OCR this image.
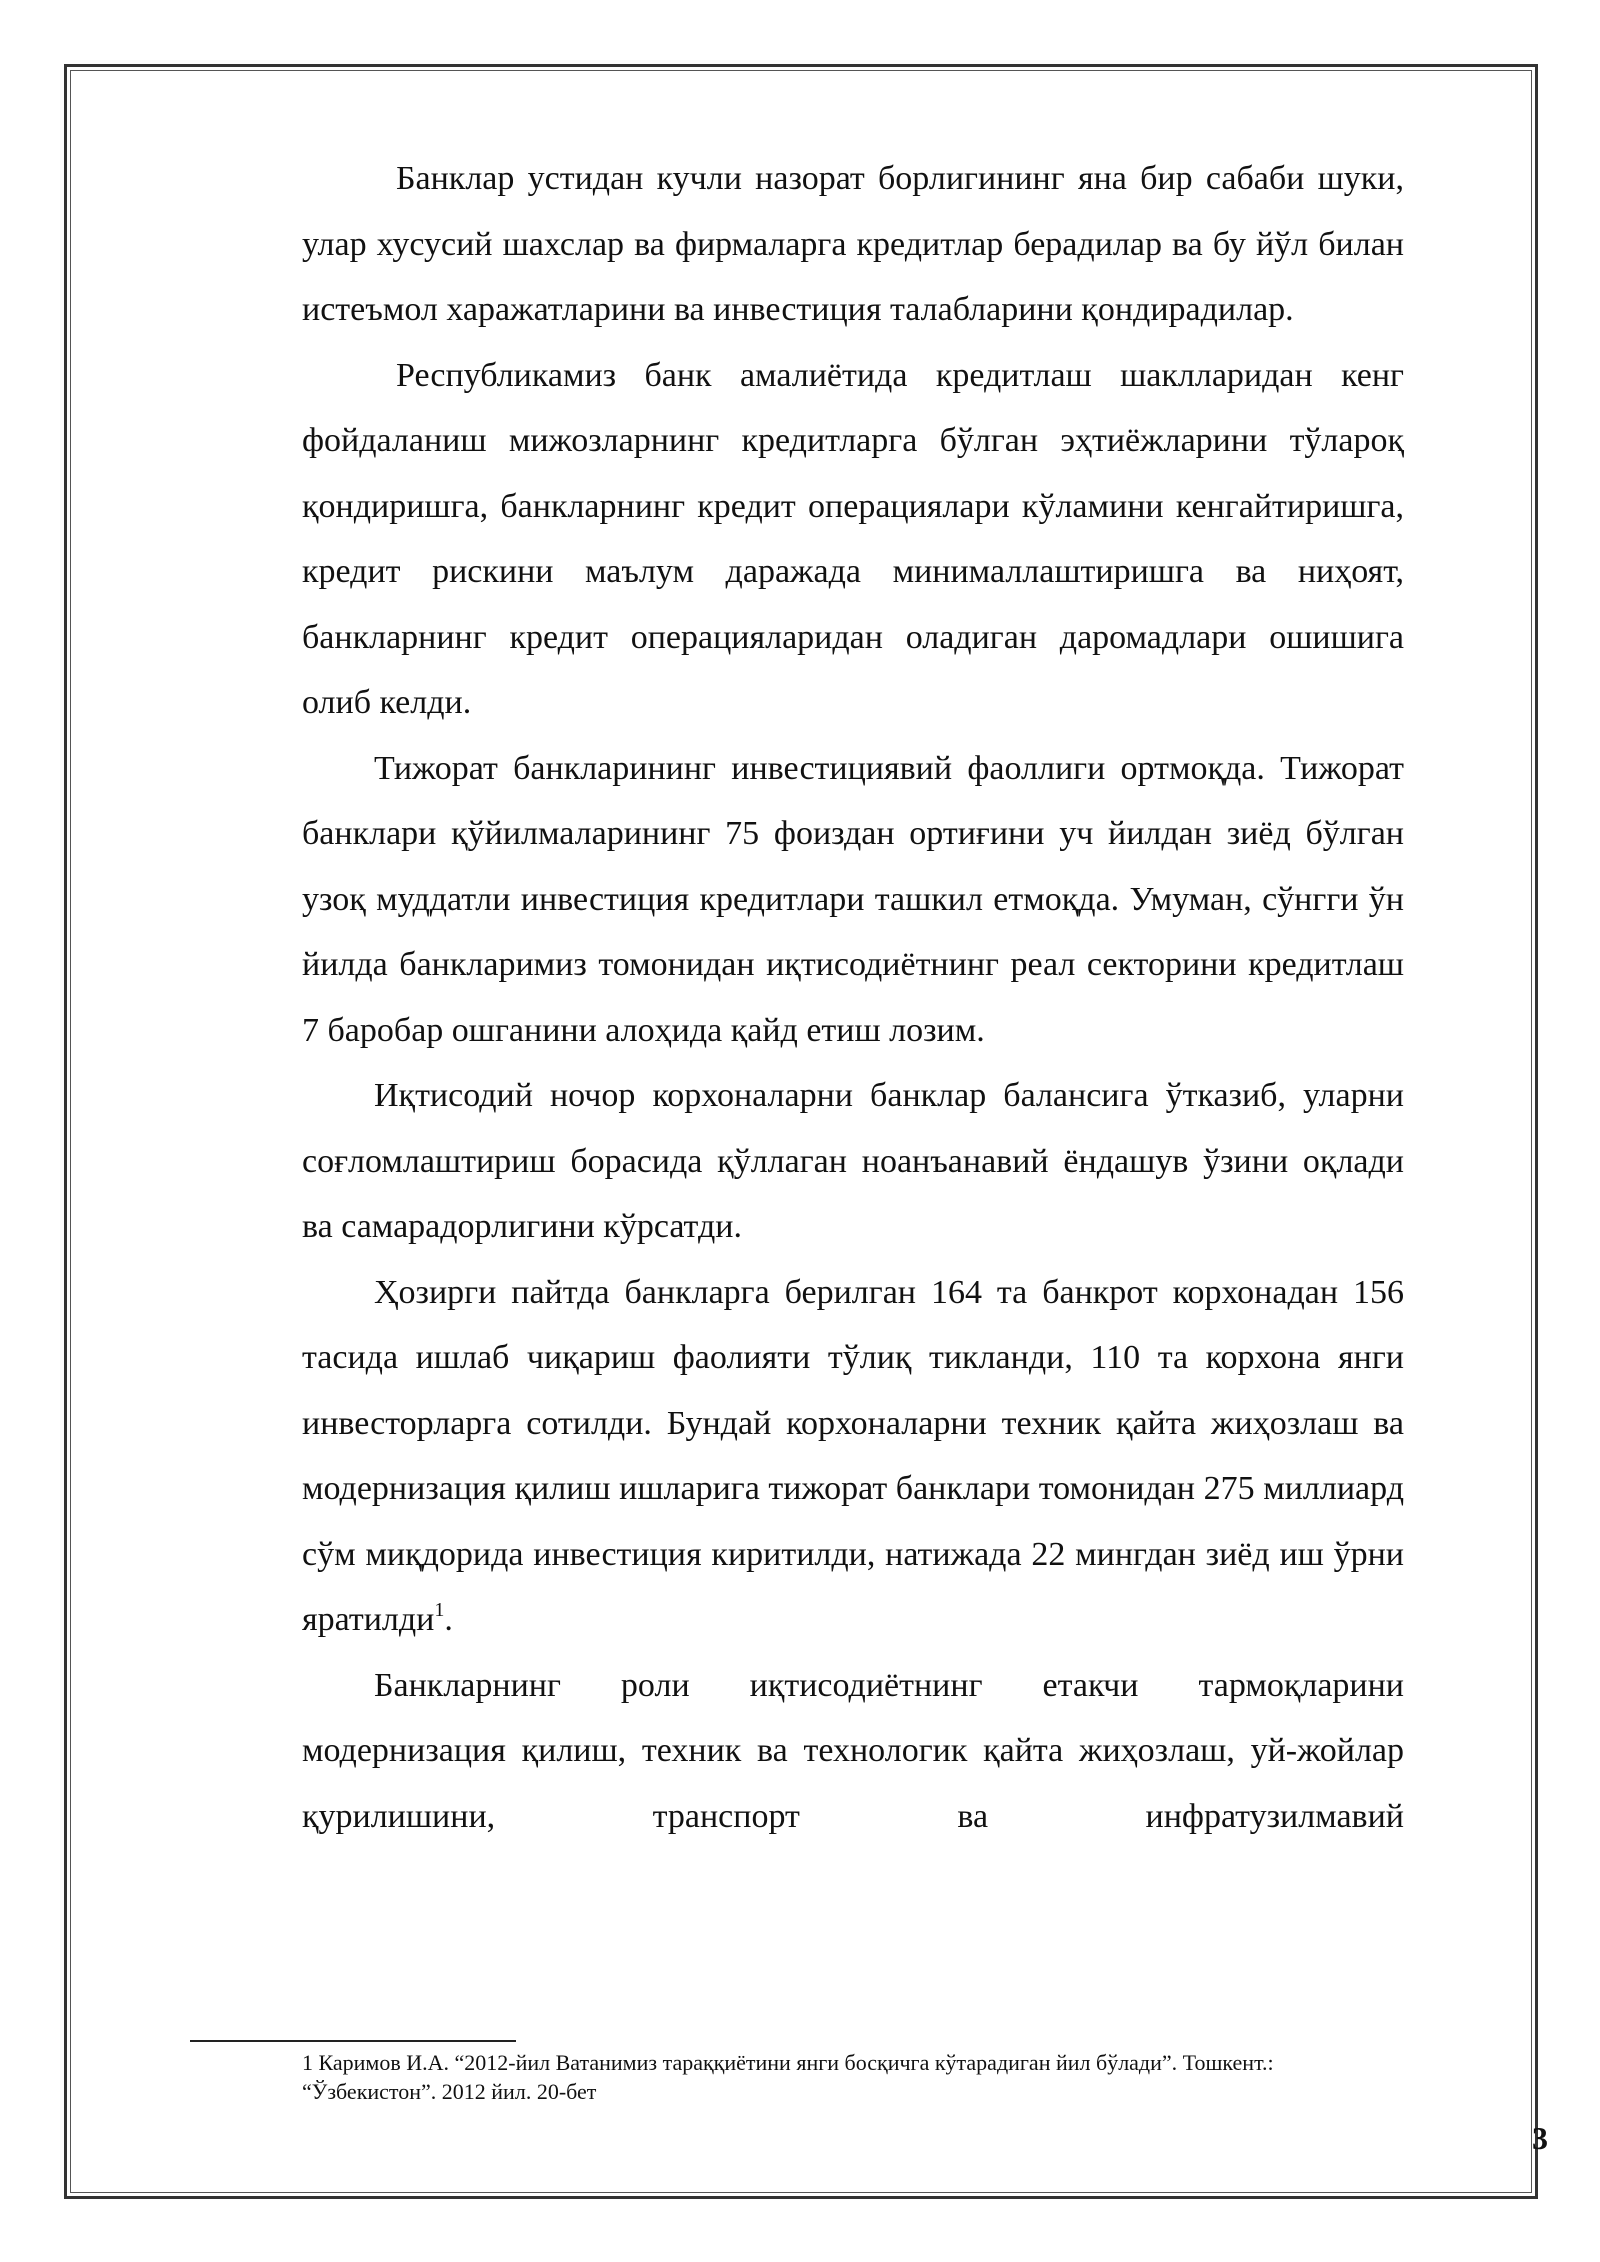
Банклар устидан кучли назорат борлигининг яна бир сабаби шуки, улар хусусий шахслар ва фирмаларга кредитлар берадилар ва бу йўл билан истеъмол харажатларини ва инвестиция талабларини қондирадилар.

Республикамиз банк амалиётида кредитлаш шаклларидан кенг фойдаланиш мижозларнинг кредитларга бўлган эҳтиёжларини тўлароқ қондиришга, банкларнинг кредит операциялари кўламини кенгайтиришга, кредит рискини маълум даражада минималлаштиришга ва ниҳоят, банкларнинг кредит операцияларидан оладиган даромадлари ошишига олиб келди.

Тижорат банкларининг инвестициявий фаоллиги ортмоқда. Тижорат банклари қўйилмаларининг 75 фоиздан ортиғини уч йилдан зиёд бўлган узоқ муддатли инвестиция кредитлари ташкил етмоқда. Умуман, сўнгги ўн йилда банкларимиз томонидан иқтисодиётнинг реал секторини кредитлаш 7 баробар ошганини алоҳида қайд етиш лозим.

Иқтисодий ночор корхоналарни банклар балансига ўтказиб, уларни соғломлаштириш борасида қўллаган ноанъанавий ёндашув ўзини оқлади ва самарадорлигини кўрсатди.

Ҳозирги пайтда банкларга берилган 164 та банкрот корхонадан 156 тасида ишлаб чиқариш фаолияти тўлиқ тикланди, 110 та корхона янги инвесторларга сотилди. Бундай корхоналарни техник қайта жиҳозлаш ва модернизация қилиш ишларига тижорат банклари томонидан 275 миллиард сўм миқдорида инвестиция киритилди, натижада 22 мингдан зиёд иш ўрни яратилди$^1$.

Банкларнинг роли иқтисодиётнинг етакчи тармоқларини модернизация қилиш, техник ва технологик қайта жиҳозлаш, уй-жойлар қурилишини, транспорт ва инфратузилмавий

1 Каримов И.А. “2012-йил Ватанимиз тараққиётини янги босқичга кўтарадиган йил бўлади”. Тошкент.:
“Ўзбекистон”. 2012 йил. 20-бет
3
